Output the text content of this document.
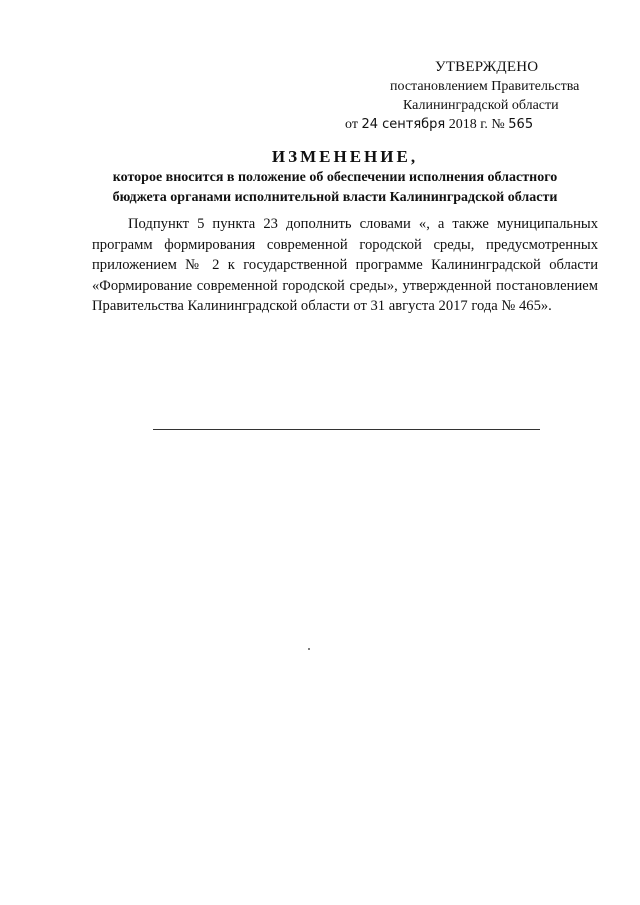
УТВЕРЖДЕНО
постановлением Правительства
Калининградской области
от 24 сентября 2018 г. № 565
ИЗМЕНЕНИЕ,
которое вносится в положение об обеспечении исполнения областного
бюджета органами исполнительной власти Калининградской области

Подпункт 5 пункта 23 дополнить словами «, а также муниципальных программ формирования современной городской среды, предусмотренных приложением № 2 к государственной программе Калининградской области «Формирование современной городской среды», утвержденной постановлением Правительства Калининградской области от 31 августа 2017 года № 465».
